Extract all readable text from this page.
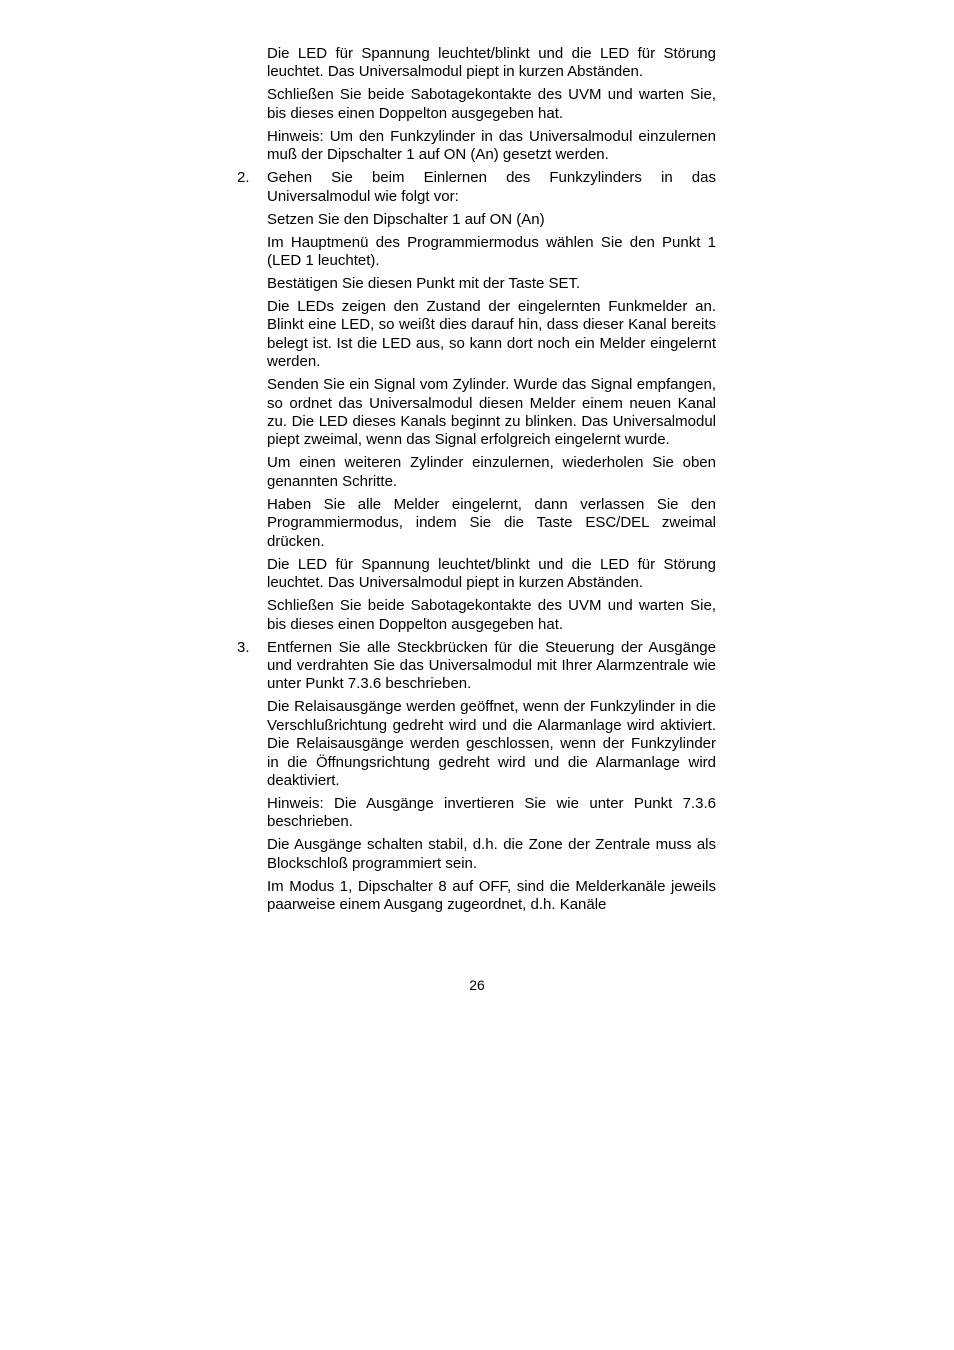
Die LED für Spannung leuchtet/blinkt und die LED für Störung leuchtet. Das Universalmodul piept in kurzen Abständen.

Schließen Sie beide Sabotagekontakte des UVM und warten Sie, bis dieses einen Doppelton ausgegeben hat.

Hinweis: Um den Funkzylinder in das Universalmodul einzulernen muß der Dipschalter 1 auf ON (An) gesetzt werden.

2. Gehen Sie beim Einlernen des Funkzylinders in das Universalmodul wie folgt vor:

Setzen Sie den Dipschalter 1 auf ON (An)

Im Hauptmenü des Programmiermodus wählen Sie den Punkt 1 (LED 1 leuchtet).

Bestätigen Sie diesen Punkt mit der Taste SET.

Die LEDs zeigen den Zustand der eingelernten Funkmelder an. Blinkt eine LED, so weißt dies darauf hin, dass dieser Kanal bereits belegt ist. Ist die LED aus, so kann dort noch ein Melder eingelernt werden.

Senden Sie ein Signal vom Zylinder. Wurde das Signal empfangen, so ordnet das Universalmodul diesen Melder einem neuen Kanal zu. Die LED dieses Kanals beginnt zu blinken. Das Universalmodul piept zweimal, wenn das Signal erfolgreich eingelernt wurde.

Um einen weiteren Zylinder einzulernen, wiederholen Sie oben genannten Schritte.

Haben Sie alle Melder eingelernt, dann verlassen Sie den Programmiermodus, indem Sie die Taste ESC/DEL zweimal drücken.

Die LED für Spannung leuchtet/blinkt und die LED für Störung leuchtet. Das Universalmodul piept in kurzen Abständen.

Schließen Sie beide Sabotagekontakte des UVM und warten Sie, bis dieses einen Doppelton ausgegeben hat.

3. Entfernen Sie alle Steckbrücken für die Steuerung der Ausgänge und verdrahten Sie das Universalmodul mit Ihrer Alarmzentrale wie unter Punkt 7.3.6 beschrieben.

Die Relaisausgänge werden geöffnet, wenn der Funkzylinder in die Verschlußrichtung gedreht wird und die Alarmanlage wird aktiviert.
Die Relaisausgänge werden geschlossen, wenn der Funkzylinder in die Öffnungsrichtung gedreht wird und die Alarmanlage wird deaktiviert.

Hinweis: Die Ausgänge invertieren Sie wie unter Punkt 7.3.6 beschrieben.

Die Ausgänge schalten stabil, d.h. die Zone der Zentrale muss als Blockschloß programmiert sein.

Im Modus 1, Dipschalter 8 auf OFF, sind die Melderkanäle jeweils paarweise einem Ausgang zugeordnet, d.h. Kanäle

26
